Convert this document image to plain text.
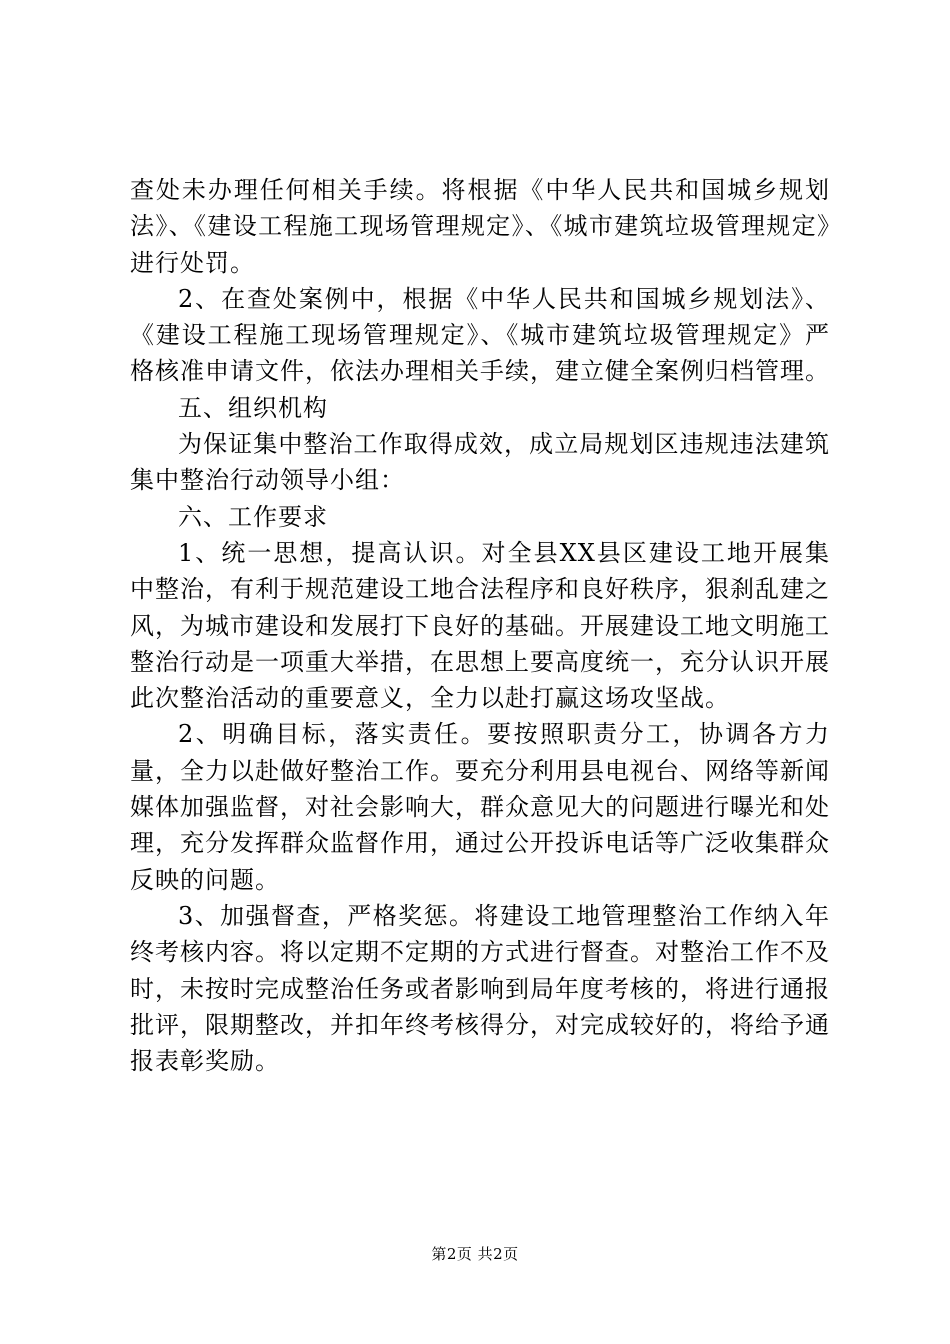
查处未办理任何相关手续。将根据《中华人民共和国城乡规划法》、《建设工程施工现场管理规定》、《城市建筑垃圾管理规定》进行处罚。

2、在查处案例中，根据《中华人民共和国城乡规划法》、《建设工程施工现场管理规定》、《城市建筑垃圾管理规定》严格核准申请文件，依法办理相关手续，建立健全案例归档管理。

五、组织机构

为保证集中整治工作取得成效，成立局规划区违规违法建筑集中整治行动领导小组：

六、工作要求

1、统一思想，提高认识。对全县XX县区建设工地开展集中整治，有利于规范建设工地合法程序和良好秩序，狠刹乱建之风，为城市建设和发展打下良好的基础。开展建设工地文明施工整治行动是一项重大举措，在思想上要高度统一，充分认识开展此次整治活动的重要意义，全力以赴打赢这场攻坚战。

2、明确目标，落实责任。要按照职责分工，协调各方力量，全力以赴做好整治工作。要充分利用县电视台、网络等新闻媒体加强监督，对社会影响大，群众意见大的问题进行曝光和处理，充分发挥群众监督作用，通过公开投诉电话等广泛收集群众反映的问题。

3、加强督查，严格奖惩。将建设工地管理整治工作纳入年终考核内容。将以定期不定期的方式进行督查。对整治工作不及时，未按时完成整治任务或者影响到局年度考核的，将进行通报批评，限期整改，并扣年终考核得分，对完成较好的，将给予通报表彰奖励。

第2页 共2页
